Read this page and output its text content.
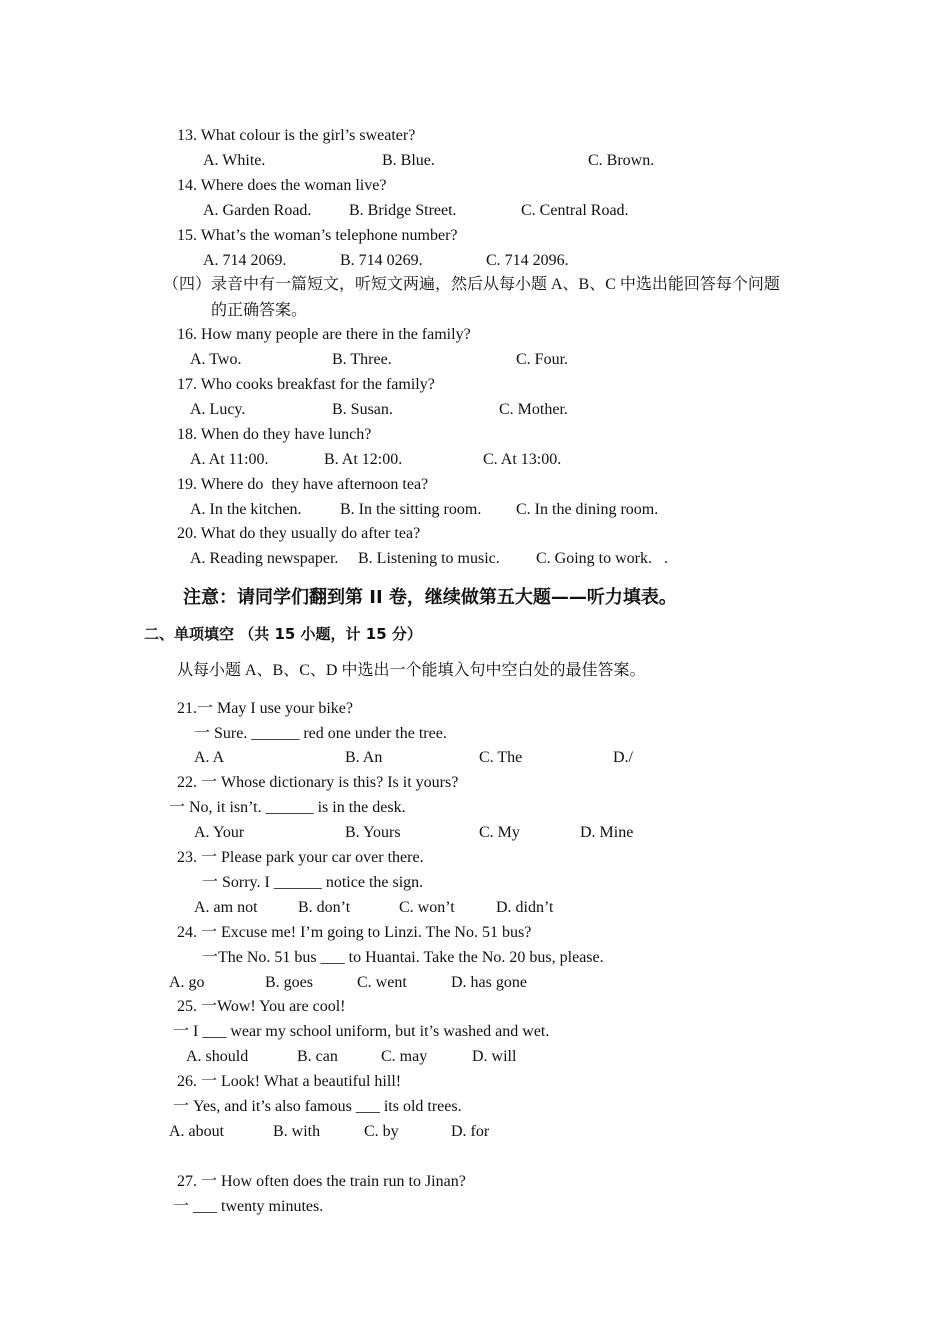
13. What colour is the girl’s sweater?
A. White.	B. Blue.	C. Brown.
14. Where does the woman live?
A. Garden Road. B. Bridge Street.	C. Central Road.
15. What’s the woman’s telephone number?
A. 714 2069.	B. 714 0269.	C. 714 2096.
（四）录音中有一篇短文，听短文两遍，然后从每小题 A、B、C 中选出能回答每个问题
的正确答案。
16. How many people are there in the family?
A. Two.	B. Three.	C. Four.
17. Who cooks breakfast for the family?
A. Lucy.	B. Susan.	C. Mother.
18. When do they have lunch?
A. At 11:00.	B. At 12:00.	C. At 13:00.
19. Where do  they have afternoon tea?
A. In the kitchen. B. In the sitting room. C. In the dining room.
20. What do they usually do after tea?
A. Reading newspaper. B. Listening to music. C. Going to work.   .
注意：请同学们翻到第 II 卷，继续做第五大题——听力填表。
二、单项填空 （共 15 小题，计 15 分）
从每小题 A、B、C、D 中选出一个能填入句中空白处的最佳答案。
21.一 May I use your bike?
一 Sure. ______ red one under the tree.
A. A	B. An	C. The	D./
22. 一 Whose dictionary is this? Is it yours?
一 No, it isn’t. ______ is in the desk.
A. Your	B. Yours	C. My	D. Mine
23. 一 Please park your car over there.
一 Sorry. I ______ notice the sign.
A. am not	B. don’t	C. won’t	D. didn’t
24. 一 Excuse me! I’m going to Linzi. The No. 51 bus?
一The No. 51 bus ___ to Huantai. Take the No. 20 bus, please.
A. go	B. goes	C. went	D. has gone
25. 一Wow! You are cool!
一 I ___ wear my school uniform, but it’s washed and wet.
A. should	B. can	C. may	D. will
26. 一 Look! What a beautiful hill!
一 Yes, and it’s also famous ___ its old trees.
A. about	B. with	C. by	D. for
27. 一 How often does the train run to Jinan?
一 ___ twenty minutes.
